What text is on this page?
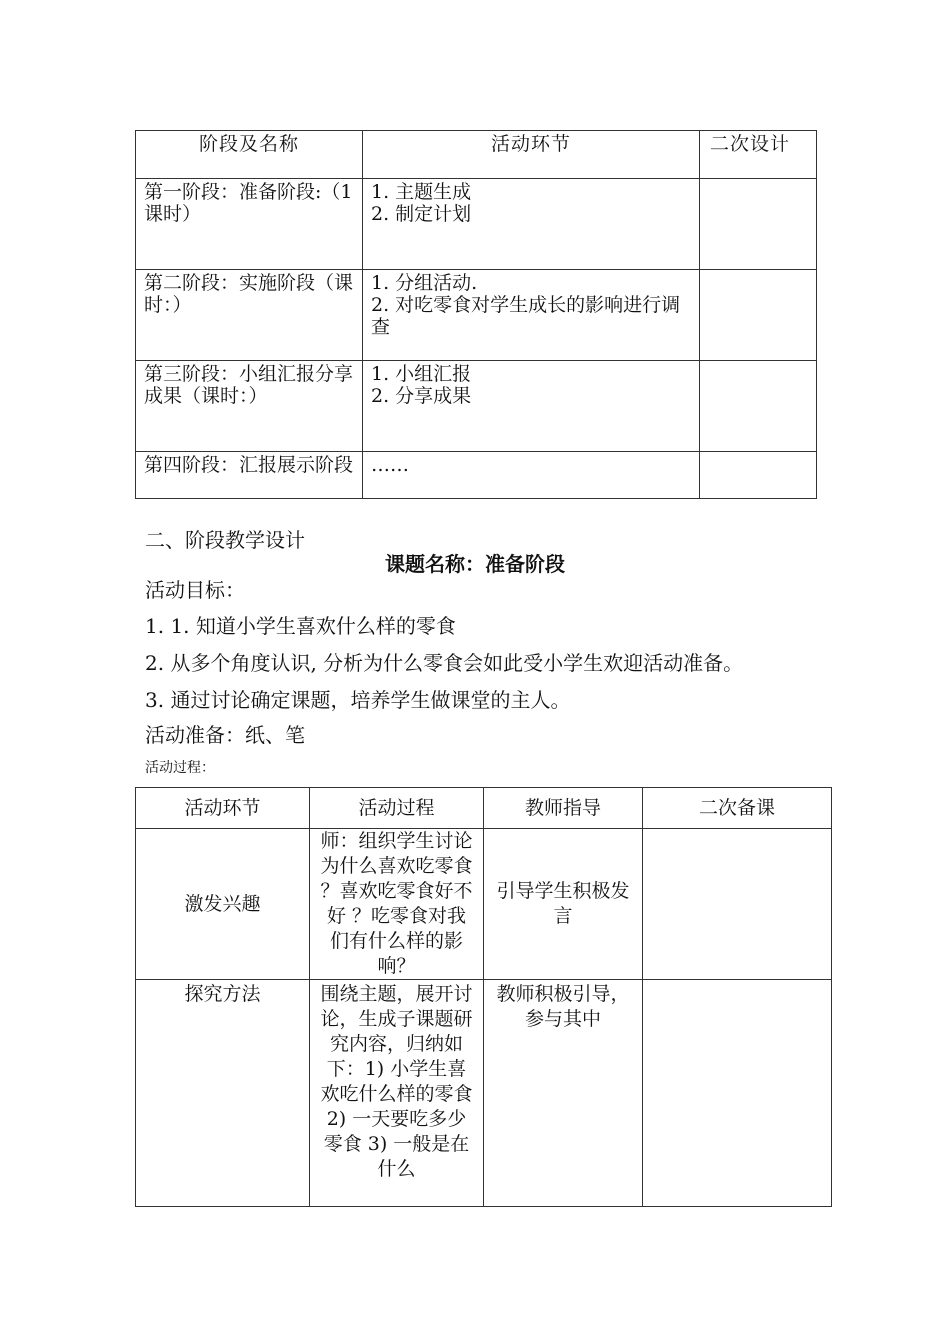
阶段及名称	活动环节	二次设计
第一阶段：准备阶段:（1 课时）	1. 主题生成
2. 制定计划	

第二阶段：实施阶段（课时：）	1. 分组活动.
2. 对吃零食对学生成长的影响进行调查	

第三阶段：小组汇报分享成果（课时：）	1. 小组汇报
2. 分享成果	

第四阶段：汇报展示阶段	……	

二、阶段教学设计
课题名称：准备阶段
活动目标：
1. 1. 知道小学生喜欢什么样的零食
2. 从多个角度认识, 分析为什么零食会如此受小学生欢迎活动准备。
3. 通过讨论确定课题，培养学生做课堂的主人。
活动准备：纸、笔
活动过程：
活动环节	活动过程	教师指导	二次备课
激发兴趣	师：组织学生讨论为什么喜欢吃零食 ？喜欢吃零食好不好 ？吃零食对我们有什么样的影响？	引导学生积极发言	
探究方法	围绕主题，展开讨论，生成子课题研究内容，归纳如下：1) 小学生喜欢吃什么样的零食 2) 一天要吃多少零食 3) 一般是在什么	教师积极引导，参与其中	
